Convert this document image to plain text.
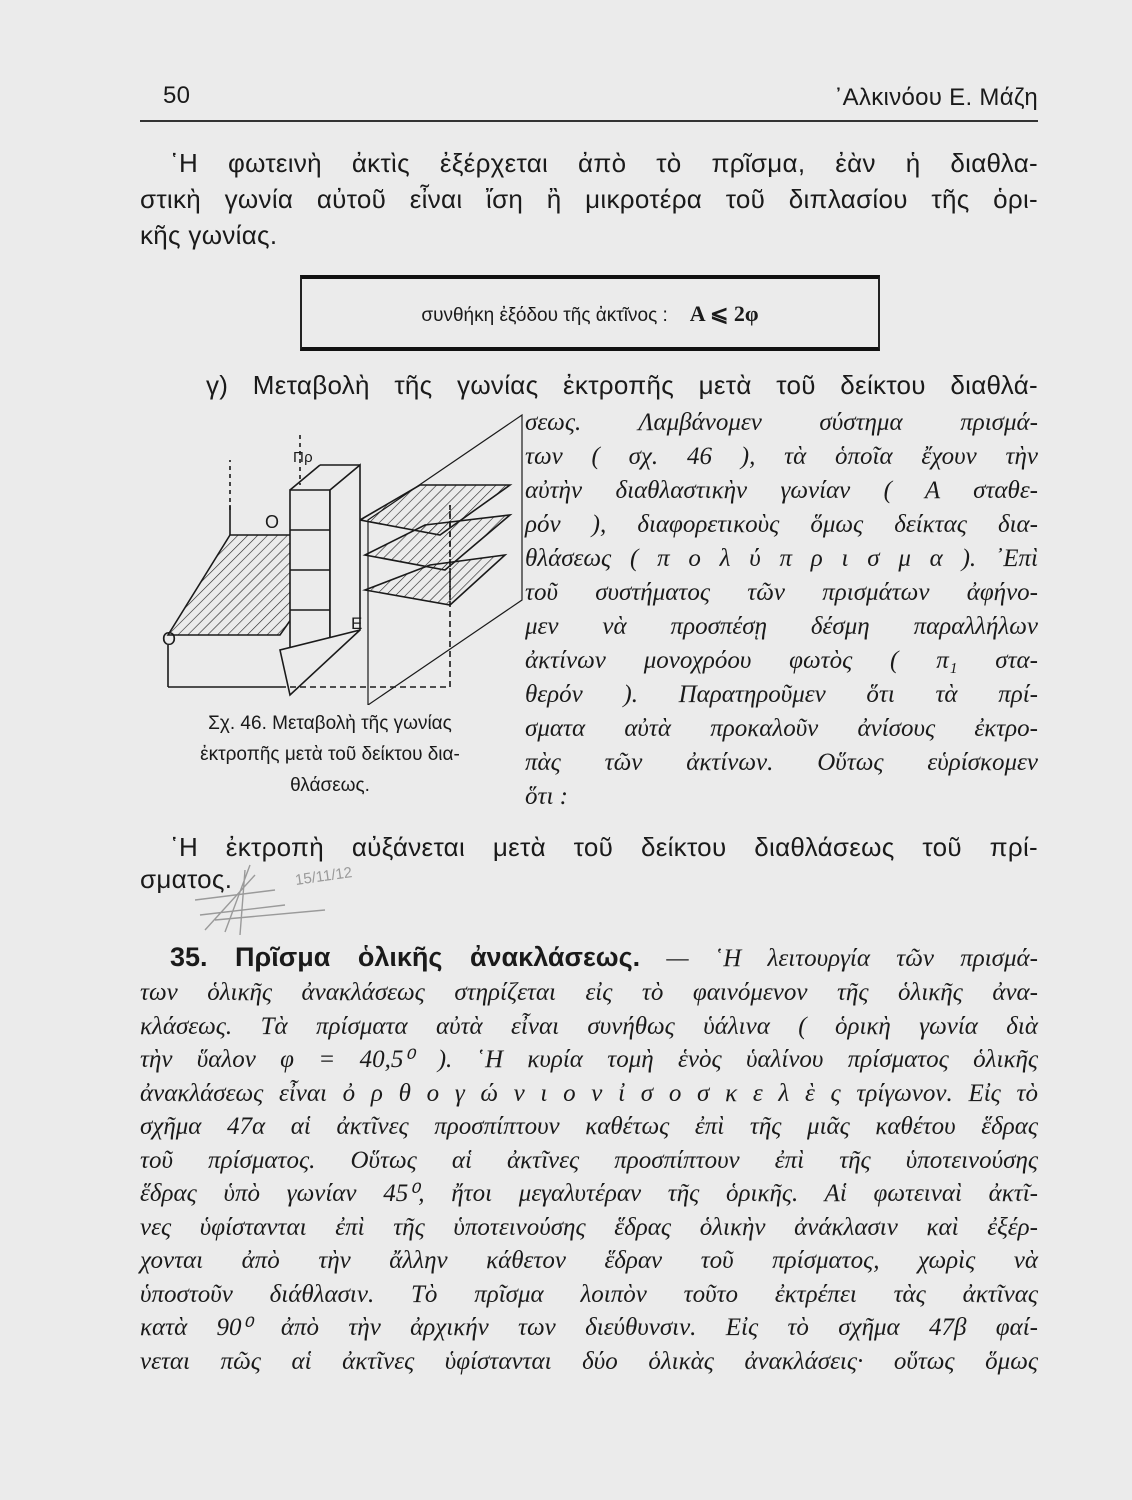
50	᾿Αλκινόου Ε. Μάζη
῾Η φωτεινὴ ἀκτὶς ἐξέρχεται ἀπὸ τὸ πρῖσμα, ἐὰν ἡ διαθλα-
στικὴ γωνία αὐτοῦ εἶναι ἴση ἢ μικροτέρα τοῦ διπλασίου τῆς ὁρι-
κῆς γωνίας.
γ) Μεταβολὴ τῆς γωνίας ἐκτροπῆς μετὰ τοῦ δείκτου διαθλά-
σεως. Λαμβάνομεν σύστημα πρισμά-
των ( σχ. 46 ), τὰ ὁποῖα ἔχουν τὴν
αὐτὴν διαθλαστικὴν γωνίαν ( Α σταθε-
ρόν ), διαφορετικοὺς ὅμως δείκτας δια-
θλάσεως ( π ο λ ύ π ρ ι σ μ α ). ᾿Επὶ
τοῦ συστήματος τῶν πρισμάτων ἀφήνο-
μεν νὰ προσπέσῃ δέσμη παραλλήλων
ἀκτίνων μονοχρόου φωτὸς ( π₁ στα-
θερόν ). Παρατηροῦμεν ὅτι τὰ πρί-
σματα αὐτὰ προκαλοῦν ἀνίσους ἐκτρο-
πὰς τῶν ἀκτίνων. Οὕτως εὑρίσκομεν
ὅτι :
῾Η ἐκτροπὴ αὐξάνεται μετὰ τοῦ δείκτου διαθλάσεως τοῦ πρί-
σματος.
35. Πρῖσμα ὁλικῆς ἀνακλάσεως. — ῾Η λειτουργία τῶν πρισμά-
των ὁλικῆς ἀνακλάσεως στηρίζεται εἰς τὸ φαινόμενον τῆς ὁλικῆς ἀνα-
κλάσεως. Τὰ πρίσματα αὐτὰ εἶναι συνήθως ὑάλινα ( ὁρικὴ γωνία διὰ
τὴν ὕαλον φ = 40,5⁰ ). ῾Η κυρία τομὴ ἑνὸς ὑαλίνου πρίσματος ὁλικῆς
ἀνακλάσεως εἶναι ὀ ρ θ ο γ ώ ν ι ο ν ἰ σ ο σ κ ε λ ὲ ς τρίγωνον. Εἰς τὸ
σχῆμα 47α αἱ ἀκτῖνες προσπίπτουν καθέτως ἐπὶ τῆς μιᾶς καθέτου ἕδρας
τοῦ πρίσματος. Οὕτως αἱ ἀκτῖνες προσπίπτουν ἐπὶ τῆς ὑποτεινούσης
ἕδρας ὑπὸ γωνίαν 45⁰, ἤτοι μεγαλυτέραν τῆς ὁρικῆς. Αἱ φωτειναὶ ἀκτῖ-
νες ὑφίστανται ἐπὶ τῆς ὑποτεινούσης ἕδρας ὁλικὴν ἀνάκλασιν καὶ ἐξέρ-
χονται ἀπὸ τὴν ἄλλην κάθετον ἕδραν τοῦ πρίσματος, χωρὶς νὰ
ὑποστοῦν διάθλασιν. Τὸ πρῖσμα λοιπὸν τοῦτο ἐκτρέπει τὰς ἀκτῖνας
κατὰ 90⁰ ἀπὸ τὴν ἀρχικήν των διεύθυνσιν. Εἰς τὸ σχῆμα 47β φαί-
νεται πῶς αἱ ἀκτῖνες ὑφίστανται δύο ὁλικὰς ἀνακλάσεις· οὕτως ὅμως
συνθήκη ἐξόδου τῆς ἀκτῖνος : A ⩽ 2φ
Πρ
O
O
E
Σχ. 46. Μεταβολὴ τῆς γωνίας
ἐκτροπῆς μετὰ τοῦ δείκτου δια-
θλάσεως.
15/11/12
